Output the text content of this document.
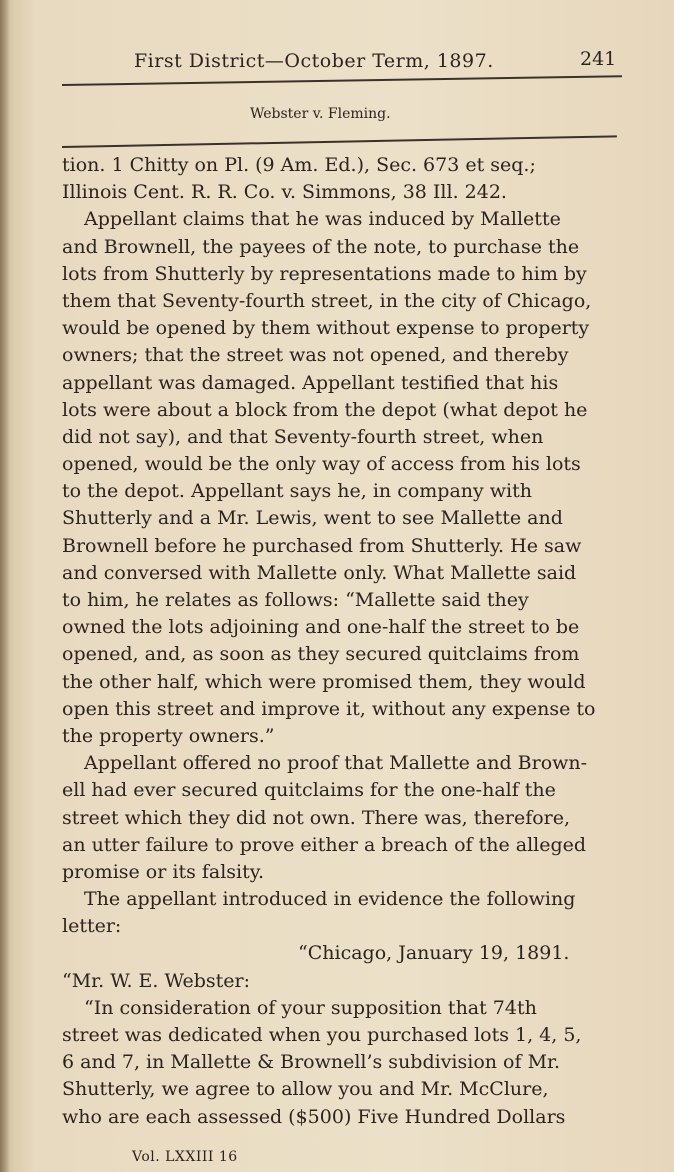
First District—October Term, 1897.	241
Webster v. Fleming.
tion. 1 Chitty on Pl. (9 Am. Ed.), Sec. 673 et seq.;
Illinois Cent. R. R. Co. v. Simmons, 38 Ill. 242.
Appellant claims that he was induced by Mallette
and Brownell, the payees of the note, to purchase the
lots from Shutterly by representations made to him by
them that Seventy-fourth street, in the city of Chicago,
would be opened by them without expense to property
owners; that the street was not opened, and thereby
appellant was damaged. Appellant testified that his
lots were about a block from the depot (what depot he
did not say), and that Seventy-fourth street, when
opened, would be the only way of access from his lots
to the depot. Appellant says he, in company with
Shutterly and a Mr. Lewis, went to see Mallette and
Brownell before he purchased from Shutterly. He saw
and conversed with Mallette only. What Mallette said
to him, he relates as follows: “Mallette said they
owned the lots adjoining and one-half the street to be
opened, and, as soon as they secured quitclaims from
the other half, which were promised them, they would
open this street and improve it, without any expense to
the property owners.”
Appellant offered no proof that Mallette and Brown-
ell had ever secured quitclaims for the one-half the
street which they did not own. There was, therefore,
an utter failure to prove either a breach of the alleged
promise or its falsity.
The appellant introduced in evidence the following
letter:
“Chicago, January 19, 1891.
“Mr. W. E. Webster:
“In consideration of your supposition that 74th
street was dedicated when you purchased lots 1, 4, 5,
6 and 7, in Mallette & Brownell’s subdivision of Mr.
Shutterly, we agree to allow you and Mr. McClure,
who are each assessed ($500) Five Hundred Dollars
Vol. LXXIII 16
